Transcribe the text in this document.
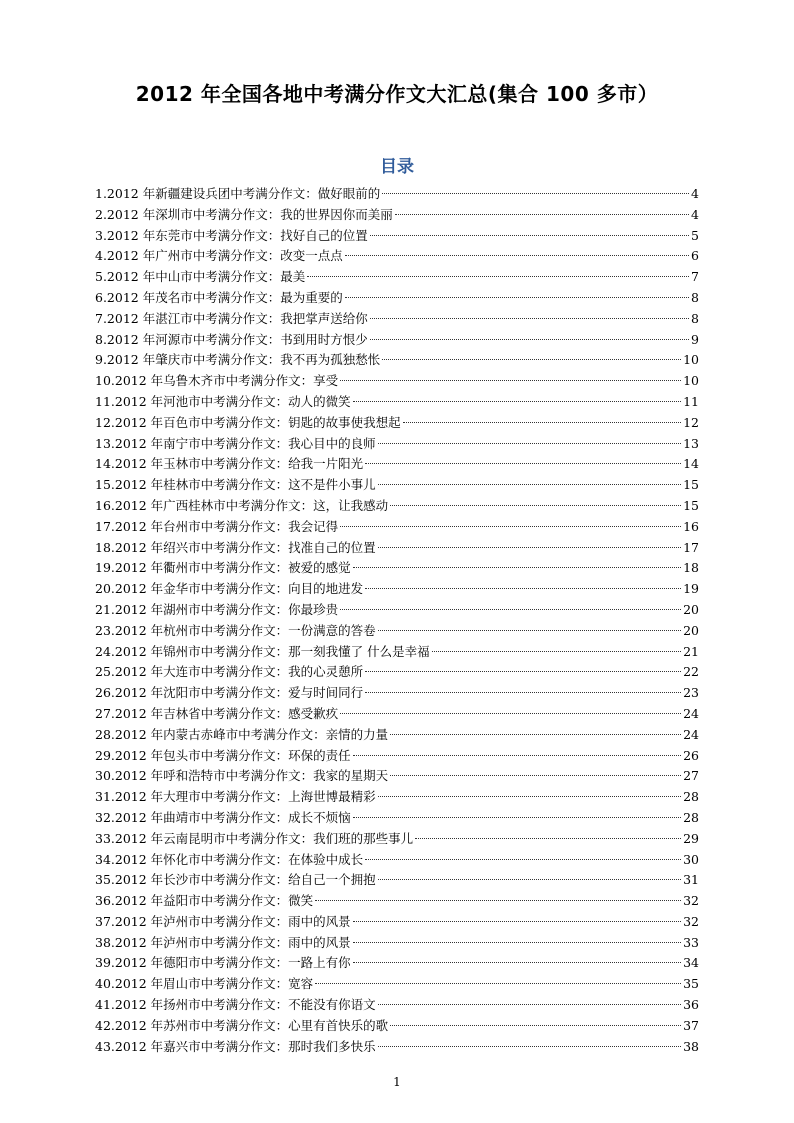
2012 年全国各地中考满分作文大汇总(集合 100 多市）
目录
1.2012 年新疆建设兵团中考满分作文：做好眼前的	4
2.2012 年深圳市中考满分作文：我的世界因你而美丽	4
3.2012 年东莞市中考满分作文：找好自己的位置	5
4.2012 年广州市中考满分作文：改变一点点	6
5.2012 年中山市中考满分作文：最美	7
6.2012 年茂名市中考满分作文：最为重要的	8
7.2012 年湛江市中考满分作文：我把掌声送给你	8
8.2012 年河源市中考满分作文：书到用时方恨少	9
9.2012 年肇庆市中考满分作文：我不再为孤独愁怅	10
10.2012 年乌鲁木齐市中考满分作文：享受	10
11.2012 年河池市中考满分作文：动人的微笑	11
12.2012 年百色市中考满分作文：钥匙的故事使我想起	12
13.2012 年南宁市中考满分作文：我心目中的良师	13
14.2012 年玉林市中考满分作文：给我一片阳光	14
15.2012 年桂林市中考满分作文：这不是件小事儿	15
16.2012 年广西桂林市中考满分作文：这，让我感动	15
17.2012 年台州市中考满分作文：我会记得	16
18.2012 年绍兴市中考满分作文：找准自己的位置	17
19.2012 年衢州市中考满分作文：被爱的感觉	18
20.2012 年金华市中考满分作文：向目的地进发	19
21.2012 年湖州市中考满分作文：你最珍贵	20
23.2012 年杭州市中考满分作文：一份满意的答卷	20
24.2012 年锦州市中考满分作文：那一刻我懂了 什么是幸福	21
25.2012 年大连市中考满分作文：我的心灵憩所	22
26.2012 年沈阳市中考满分作文：爱与时间同行	23
27.2012 年吉林省中考满分作文：感受歉疚	24
28.2012 年内蒙古赤峰市中考满分作文：亲情的力量	24
29.2012 年包头市中考满分作文：环保的责任	26
30.2012 年呼和浩特市中考满分作文：我家的星期天	27
31.2012 年大理市中考满分作文：上海世博最精彩	28
32.2012 年曲靖市中考满分作文：成长不烦恼	28
33.2012 年云南昆明市中考满分作文：我们班的那些事儿	29
34.2012 年怀化市中考满分作文：在体验中成长	30
35.2012 年长沙市中考满分作文：给自己一个拥抱	31
36.2012 年益阳市中考满分作文：微笑	32
37.2012 年泸州市中考满分作文：雨中的风景	32
38.2012 年泸州市中考满分作文：雨中的风景	33
39.2012 年德阳市中考满分作文：一路上有你	34
40.2012 年眉山市中考满分作文：宽容	35
41.2012 年扬州市中考满分作文：不能没有你语文	36
42.2012 年苏州市中考满分作文：心里有首快乐的歌	37
43.2012 年嘉兴市中考满分作文：那时我们多快乐	38
1
